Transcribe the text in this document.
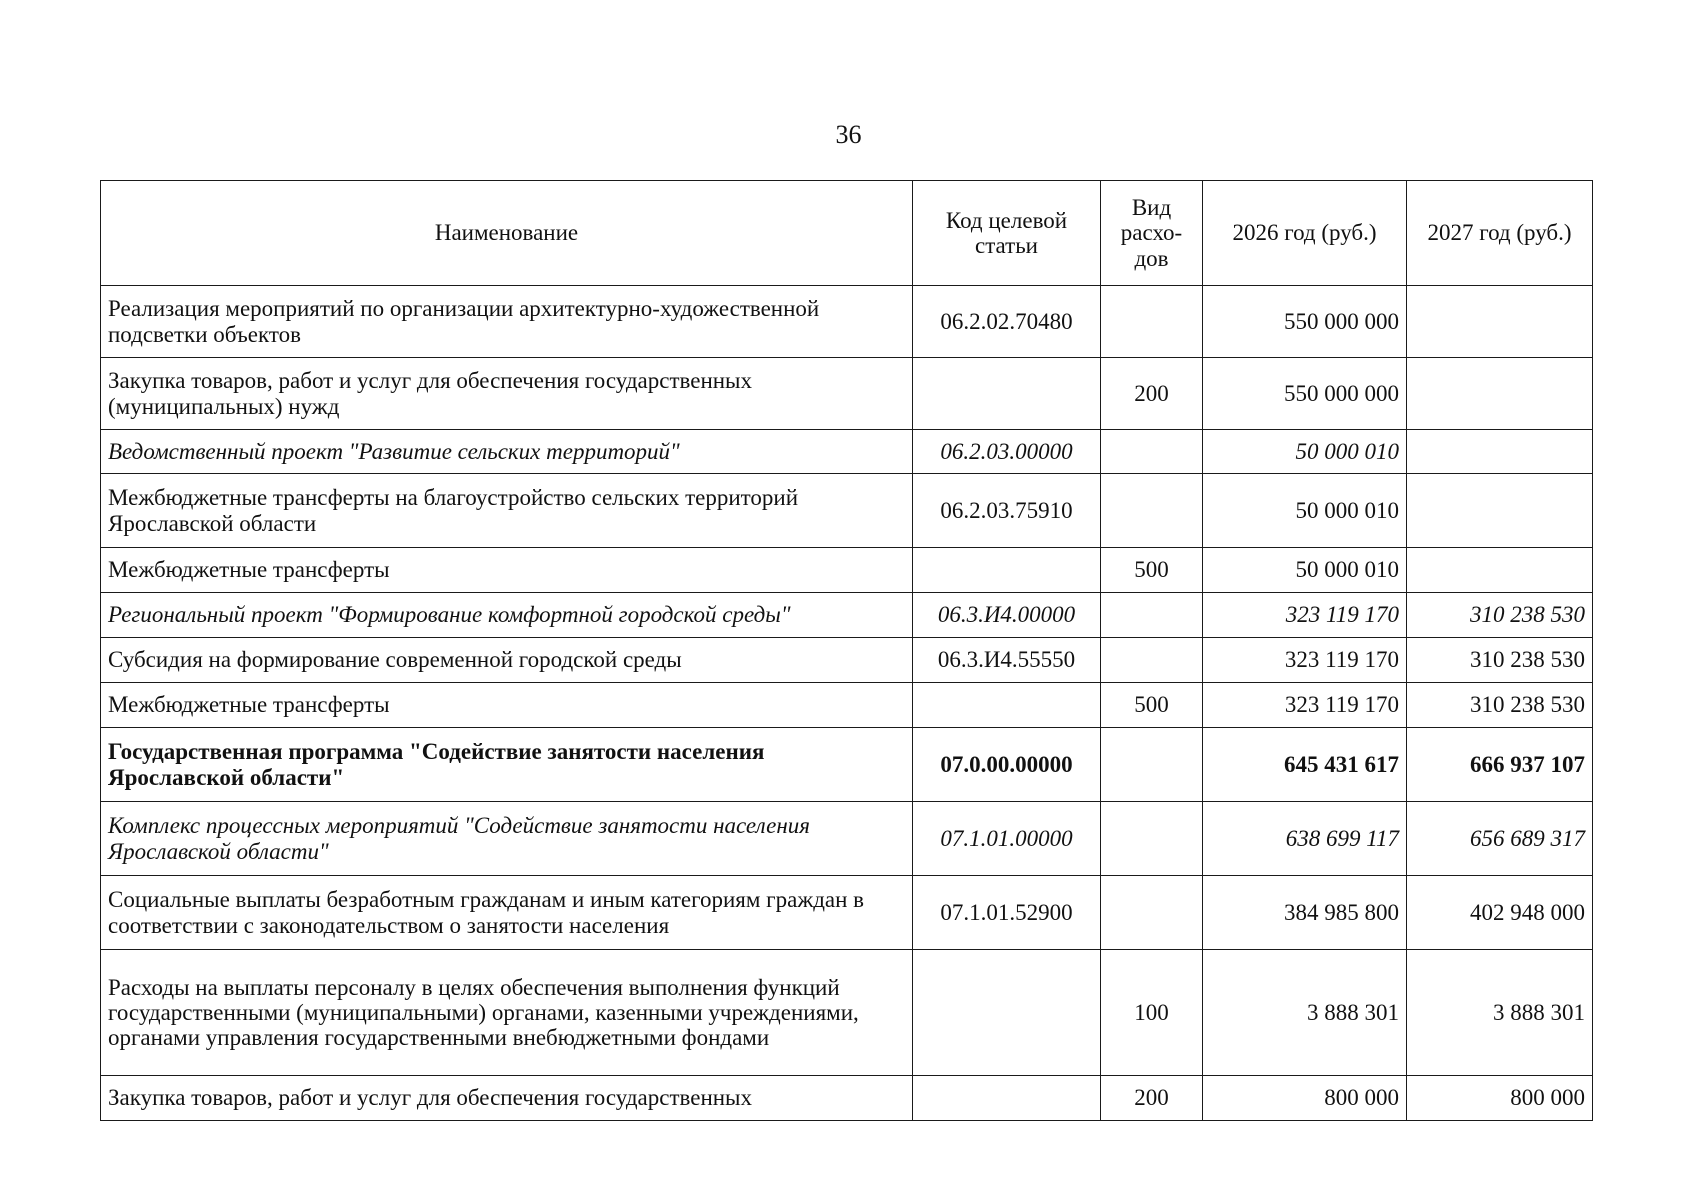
36
Наименование	Код целевой статьи	Вид расхо-дов	2026 год (руб.)	2027 год (руб.)
Реализация мероприятий по организации архитектурно-художественной подсветки объектов	06.2.02.70480		550 000 000	
Закупка товаров, работ и услуг для обеспечения государственных (муниципальных) нужд		200	550 000 000	
Ведомственный проект "Развитие сельских территорий"	06.2.03.00000		50 000 010	
Межбюджетные трансферты на благоустройство сельских территорий Ярославской области	06.2.03.75910		50 000 010	
Межбюджетные трансферты		500	50 000 010	
Региональный проект "Формирование комфортной городской среды"	06.3.И4.00000		323 119 170	310 238 530
Субсидия на формирование современной городской среды	06.3.И4.55550		323 119 170	310 238 530
Межбюджетные трансферты		500	323 119 170	310 238 530
Государственная программа "Содействие занятости населения Ярославской области"	07.0.00.00000		645 431 617	666 937 107
Комплекс процессных мероприятий "Содействие занятости населения Ярославской области"	07.1.01.00000		638 699 117	656 689 317
Социальные выплаты безработным гражданам и иным категориям граждан в соответствии с законодательством о занятости населения	07.1.01.52900		384 985 800	402 948 000
Расходы на выплаты персоналу в целях обеспечения выполнения функций государственными (муниципальными) органами, казенными учреждениями, органами управления государственными внебюджетными фондами		100	3 888 301	3 888 301
Закупка товаров, работ и услуг для обеспечения государственных		200	800 000	800 000
